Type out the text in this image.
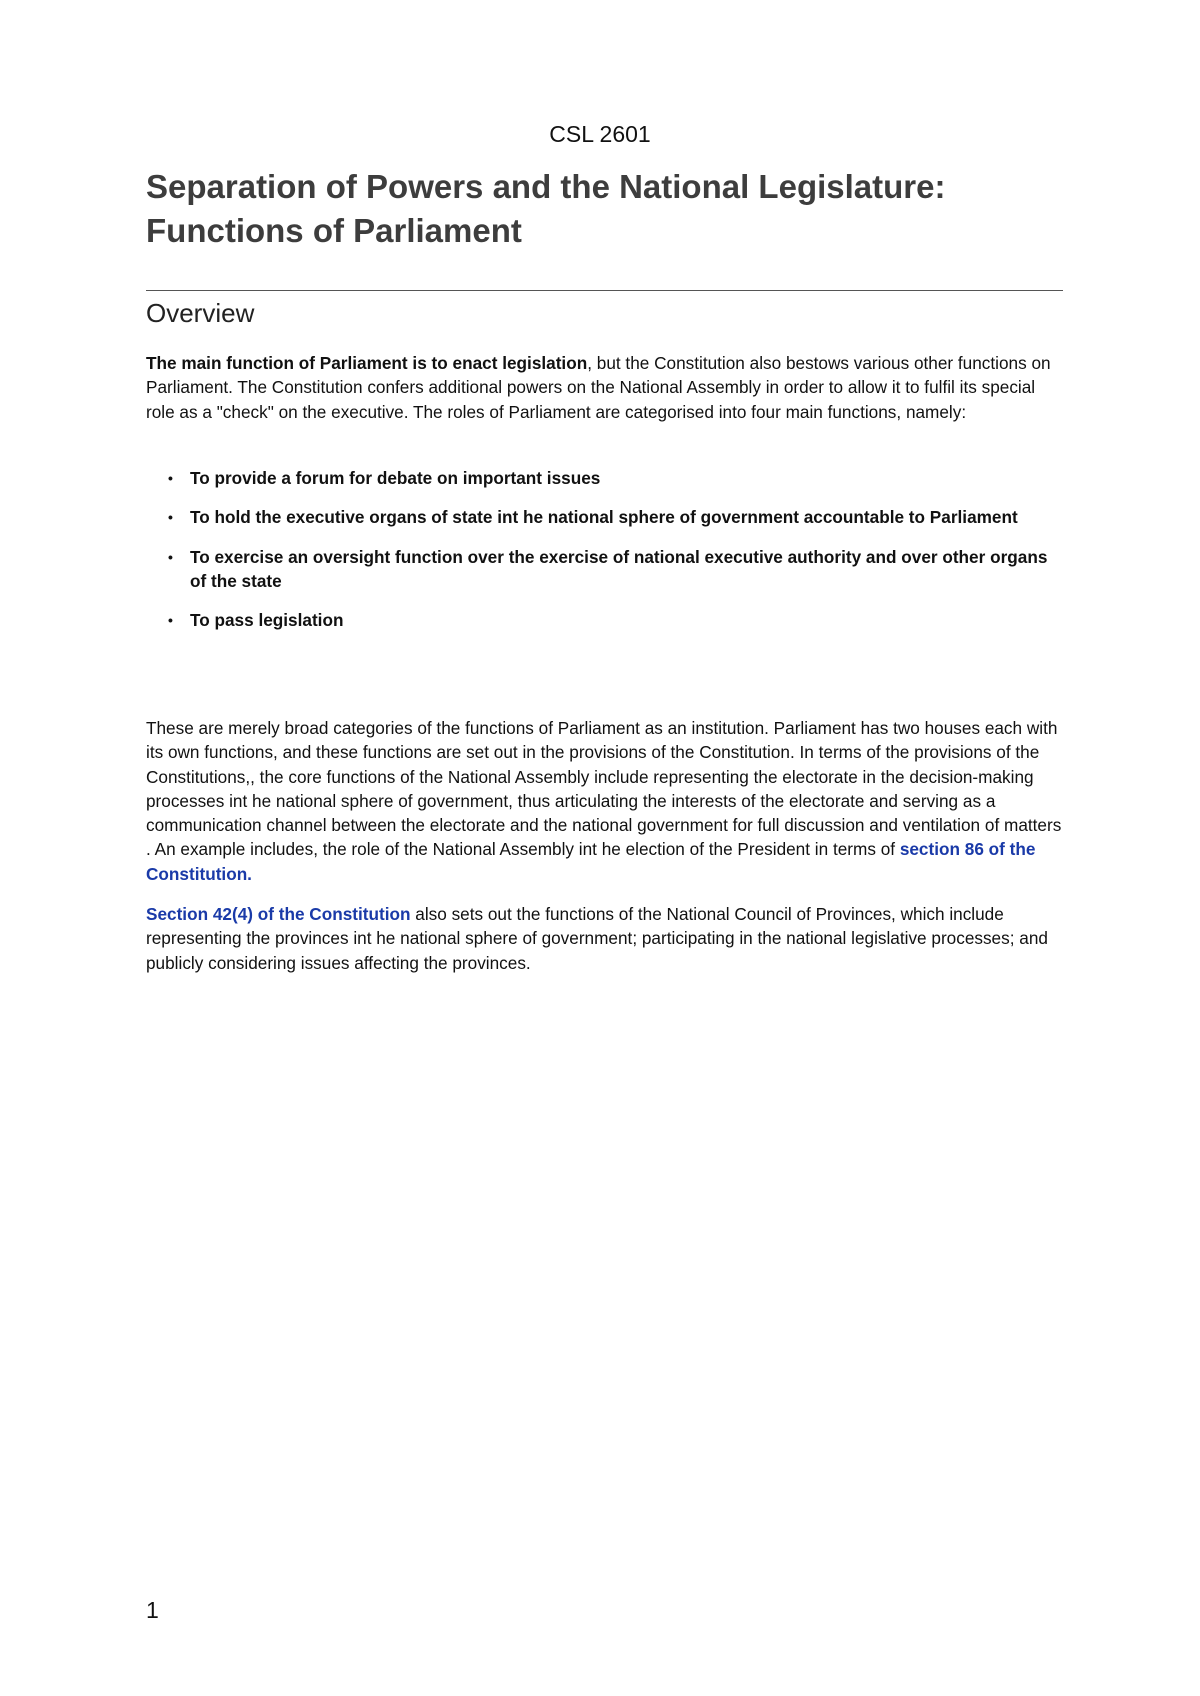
CSL 2601
Separation of Powers and the National Legislature: Functions of Parliament
Overview

The main function of Parliament is to enact legislation, but the Constitution also bestows various other functions on Parliament. The Constitution confers additional powers on the National Assembly in order to allow it to fulfil its special role as a "check" on the executive. The roles of Parliament are categorised into four main functions, namely:

• To provide a forum for debate on important issues
• To hold the executive organs of state int he national sphere of government accountable to Parliament
• To exercise an oversight function over the exercise of national executive authority and over other organs of the state
• To pass legislation

These are merely broad categories of the functions of Parliament as an institution. Parliament has two houses each with its own functions, and these functions are set out in the provisions of the Constitution. In terms of the provisions of the Constitutions,, the core functions of the National Assembly include representing the electorate in the decision-making processes int he national sphere of government, thus articulating the interests of the electorate and serving as a communication channel between the electorate and the national government for full discussion and ventilation of matters . An example includes, the role of the National Assembly int he election of the President in terms of section 86 of the Constitution.

Section 42(4) of the Constitution also sets out the functions of the National Council of Provinces, which include representing the provinces int he national sphere of government; participating in the national legislative processes; and publicly considering issues affecting the provinces.

1
